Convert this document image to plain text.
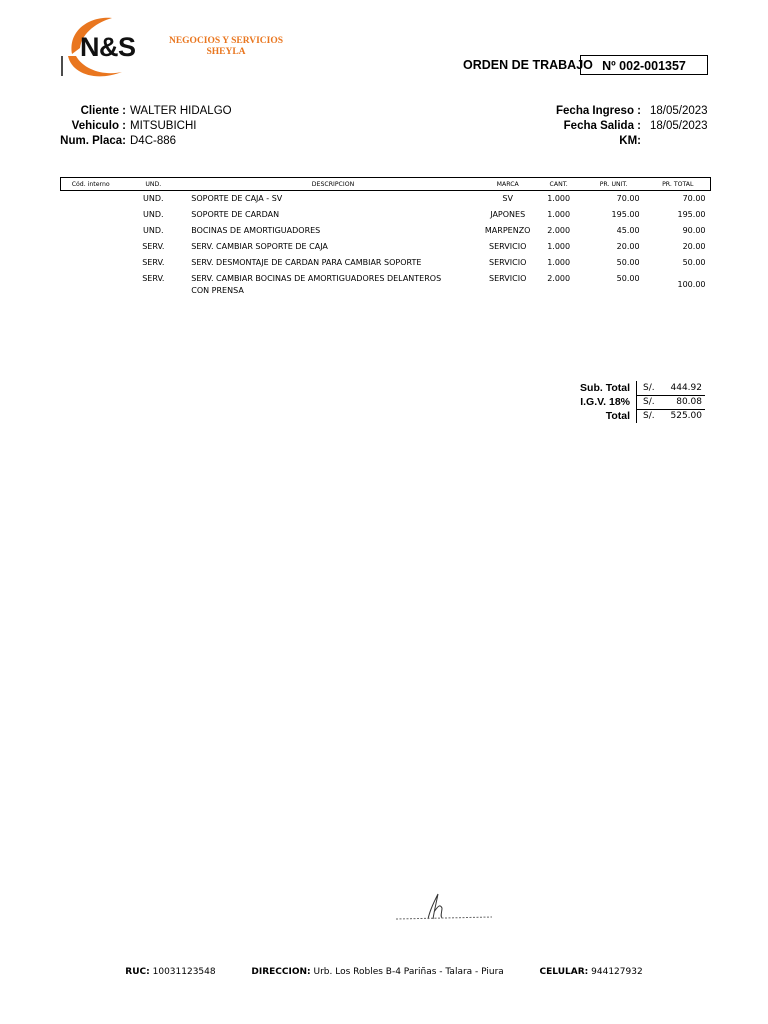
N&S	NEGOCIOS Y SERVICIOS
SHEYLA
ORDEN DE TRABAJO Nº 002-001357
Cliente : WALTER HIDALGO
Vehiculo : MITSUBICHI
Num. Placa: D4C-886
Fecha Ingreso : 18/05/2023
Fecha Salida : 18/05/2023
KM:
Cód. interno	UND.	DESCRIPCION	MARCA	CANT.	PR. UNIT.	PR. TOTAL
	UND.	SOPORTE DE CAJA - SV	SV	1.000	70.00	70.00
	UND.	SOPORTE DE CARDAN	JAPONES	1.000	195.00	195.00
	UND.	BOCINAS DE AMORTIGUADORES	MARPENZO	2.000	45.00	90.00
	SERV.	SERV. CAMBIAR SOPORTE DE CAJA	SERVICIO	1.000	20.00	20.00
	SERV.	SERV. DESMONTAJE DE CARDAN PARA CAMBIAR SOPORTE	SERVICIO	1.000	50.00	50.00
	SERV.	SERV. CAMBIAR BOCINAS DE AMORTIGUADORES DELANTEROS
CON PRENSA	SERVICIO	2.000	50.00	100.00
Sub. Total	S/.	444.92
I.G.V. 18%	S/.	80.08
Total	S/.	525.00
RUC: 10031123548	DIRECCION: Urb. Los Robles B-4 Pariñas - Talara - Piura	CELULAR: 944127932
